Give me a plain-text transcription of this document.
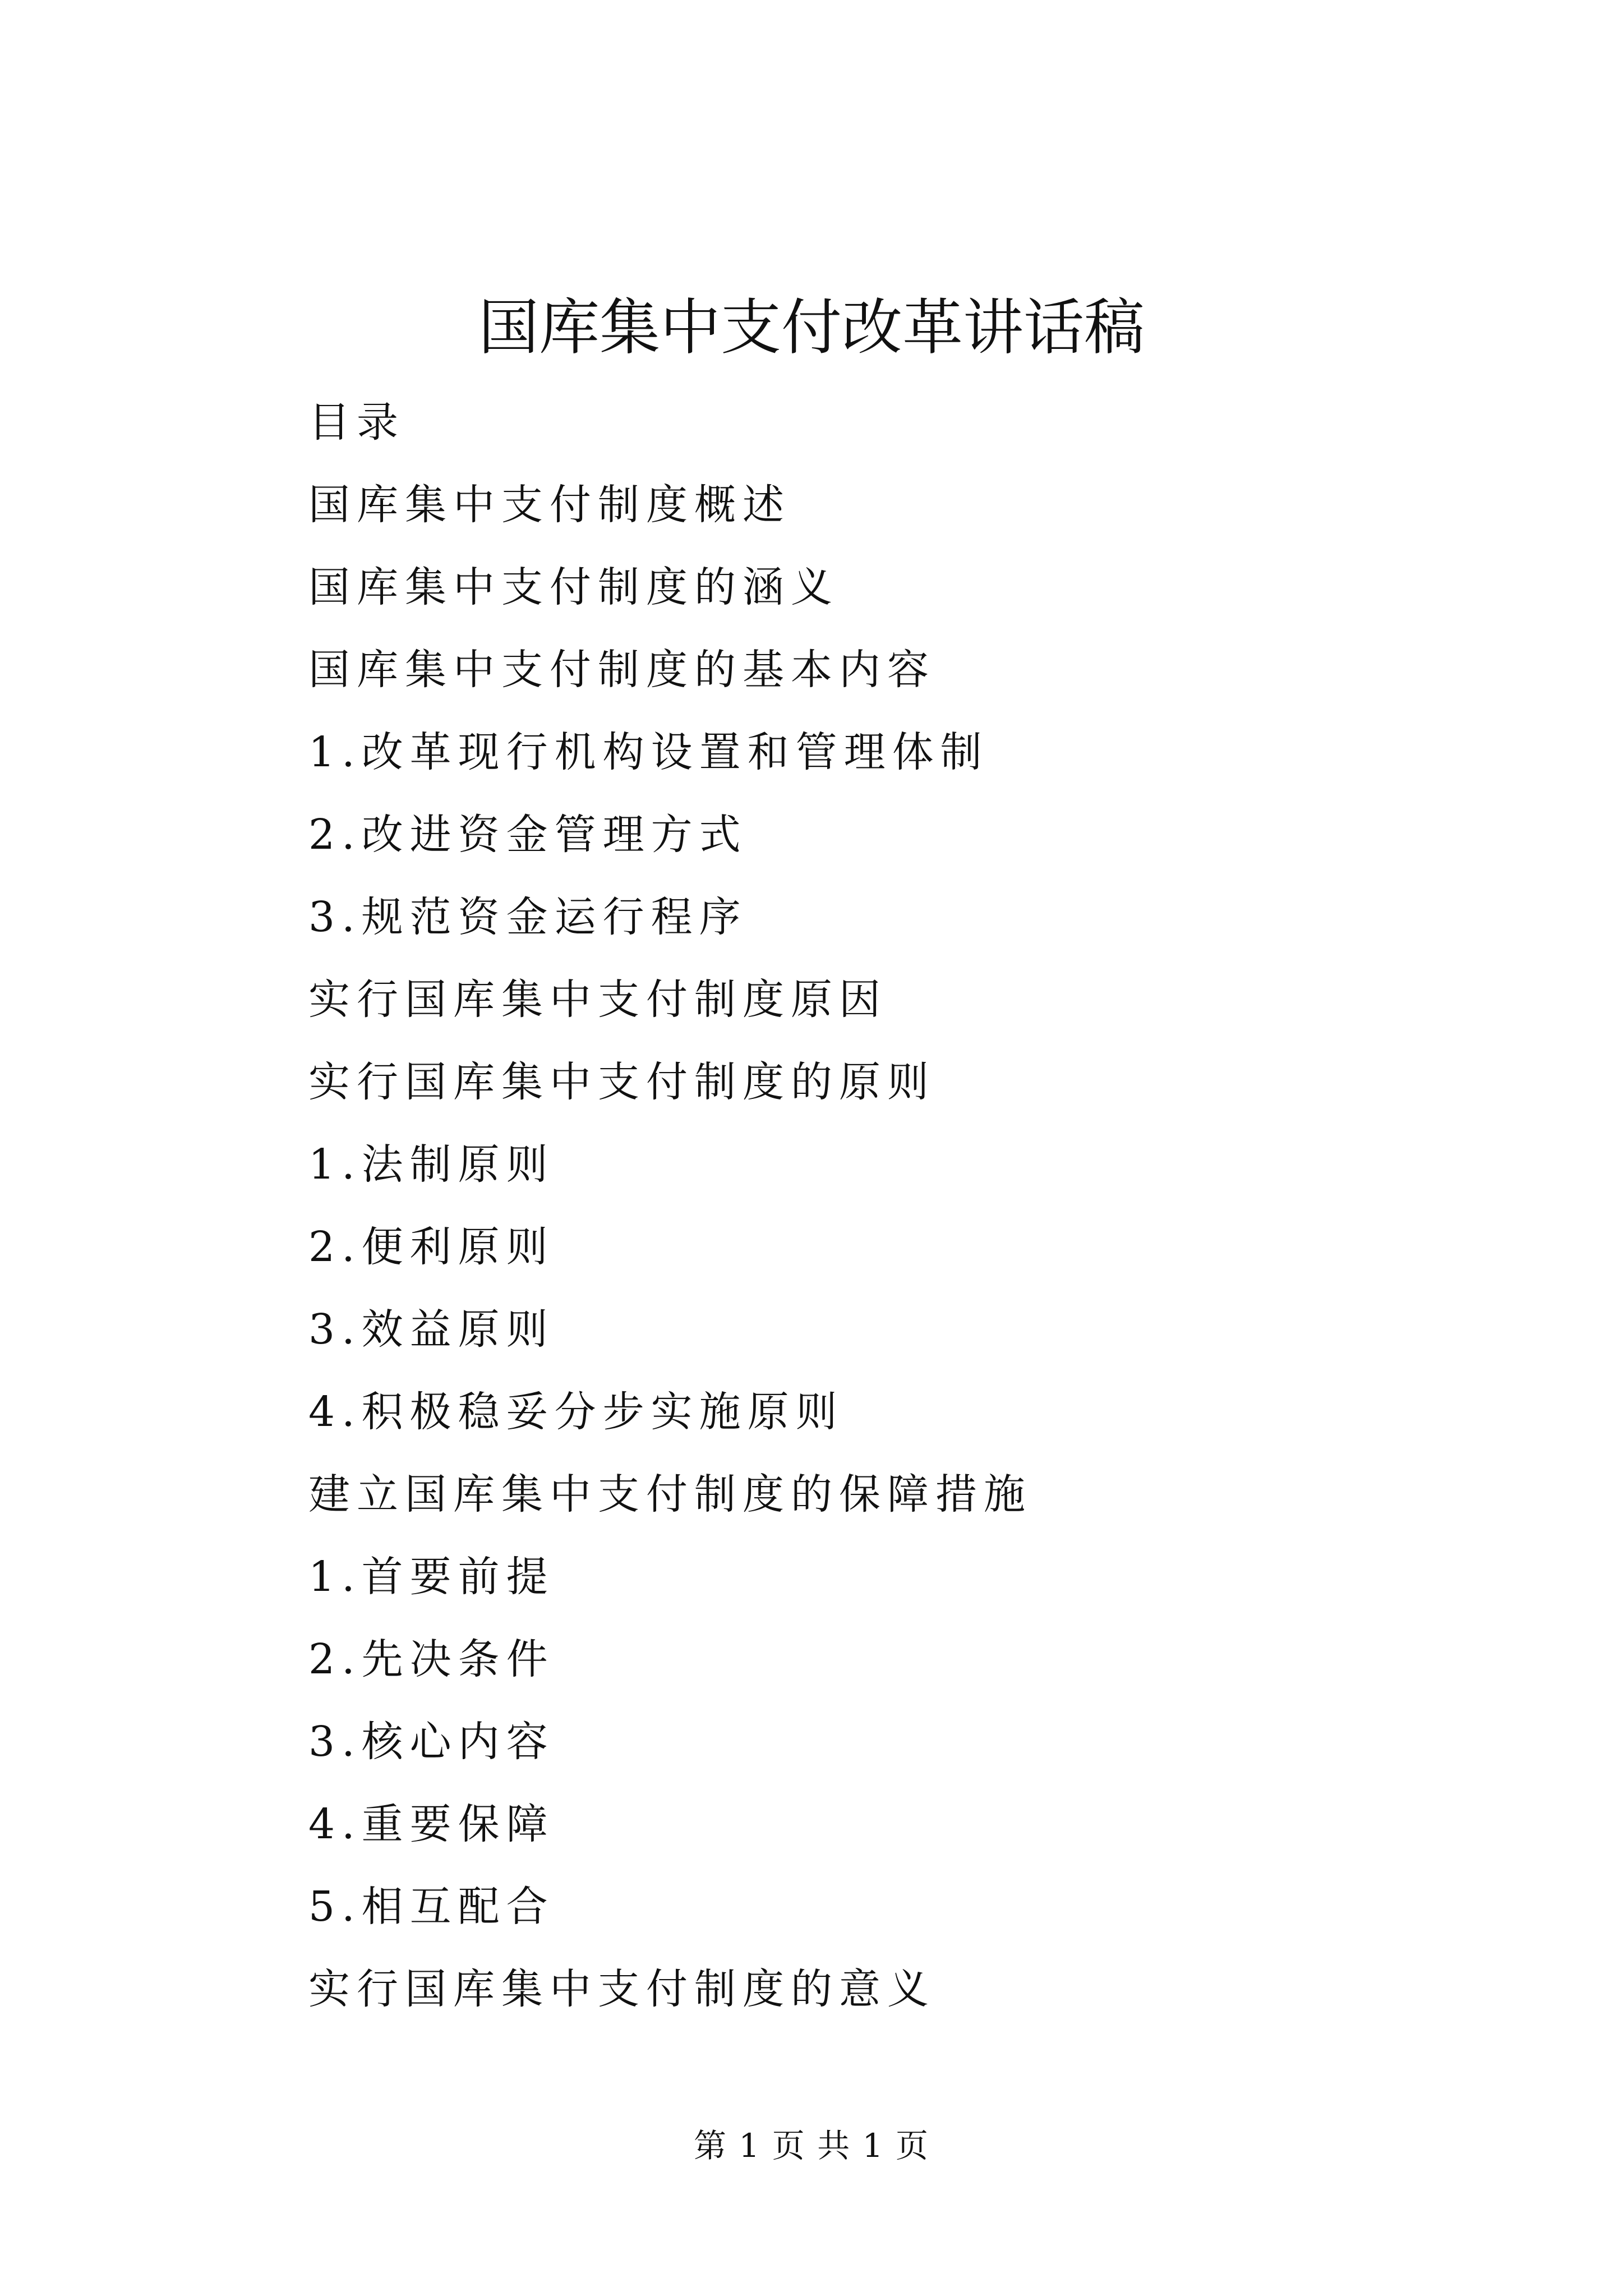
国库集中支付改革讲话稿
目录
国库集中支付制度概述
国库集中支付制度的涵义
国库集中支付制度的基本内容
1.改革现行机构设置和管理体制
2.改进资金管理方式
3.规范资金运行程序
实行国库集中支付制度原因
实行国库集中支付制度的原则
1.法制原则
2.便利原则
3.效益原则
4.积极稳妥分步实施原则
建立国库集中支付制度的保障措施
1.首要前提
2.先决条件
3.核心内容
4.重要保障
5.相互配合
实行国库集中支付制度的意义
第 1 页 共 1 页
